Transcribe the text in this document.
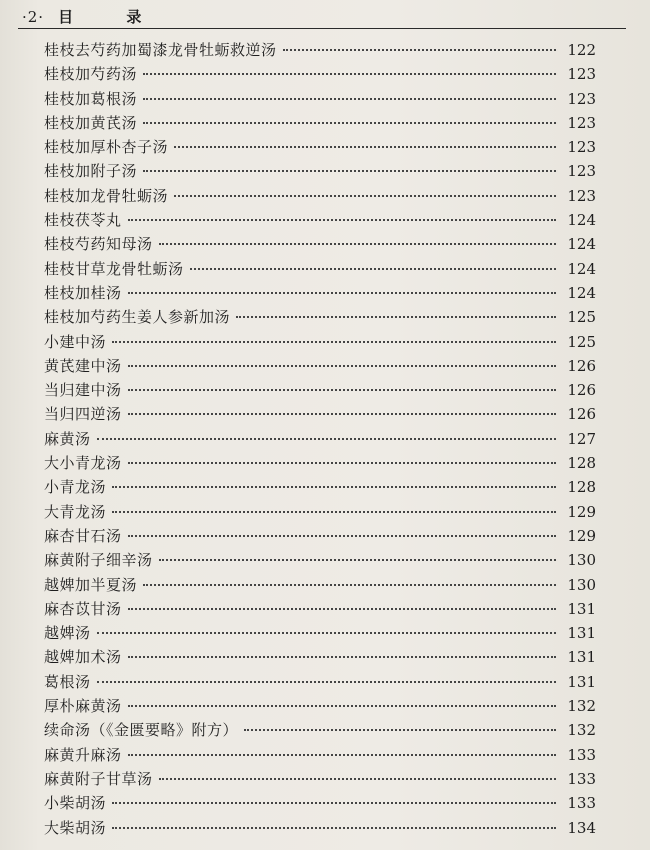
·2· 目 录
桂枝去芍药加蜀漆龙骨牡蛎救逆汤	122
桂枝加芍药汤	123
桂枝加葛根汤	123
桂枝加黄芪汤	123
桂枝加厚朴杏子汤	123
桂枝加附子汤	123
桂枝加龙骨牡蛎汤	123
桂枝茯苓丸	124
桂枝芍药知母汤	124
桂枝甘草龙骨牡蛎汤	124
桂枝加桂汤	124
桂枝加芍药生姜人参新加汤	125
小建中汤	125
黄芪建中汤	126
当归建中汤	126
当归四逆汤	126
麻黄汤	127
大小青龙汤	128
小青龙汤	128
大青龙汤	129
麻杏甘石汤	129
麻黄附子细辛汤	130
越婢加半夏汤	130
麻杏苡甘汤	131
越婢汤	131
越婢加术汤	131
葛根汤	131
厚朴麻黄汤	132
续命汤（《金匮要略》附方）	132
麻黄升麻汤	133
麻黄附子甘草汤	133
小柴胡汤	133
大柴胡汤	134
